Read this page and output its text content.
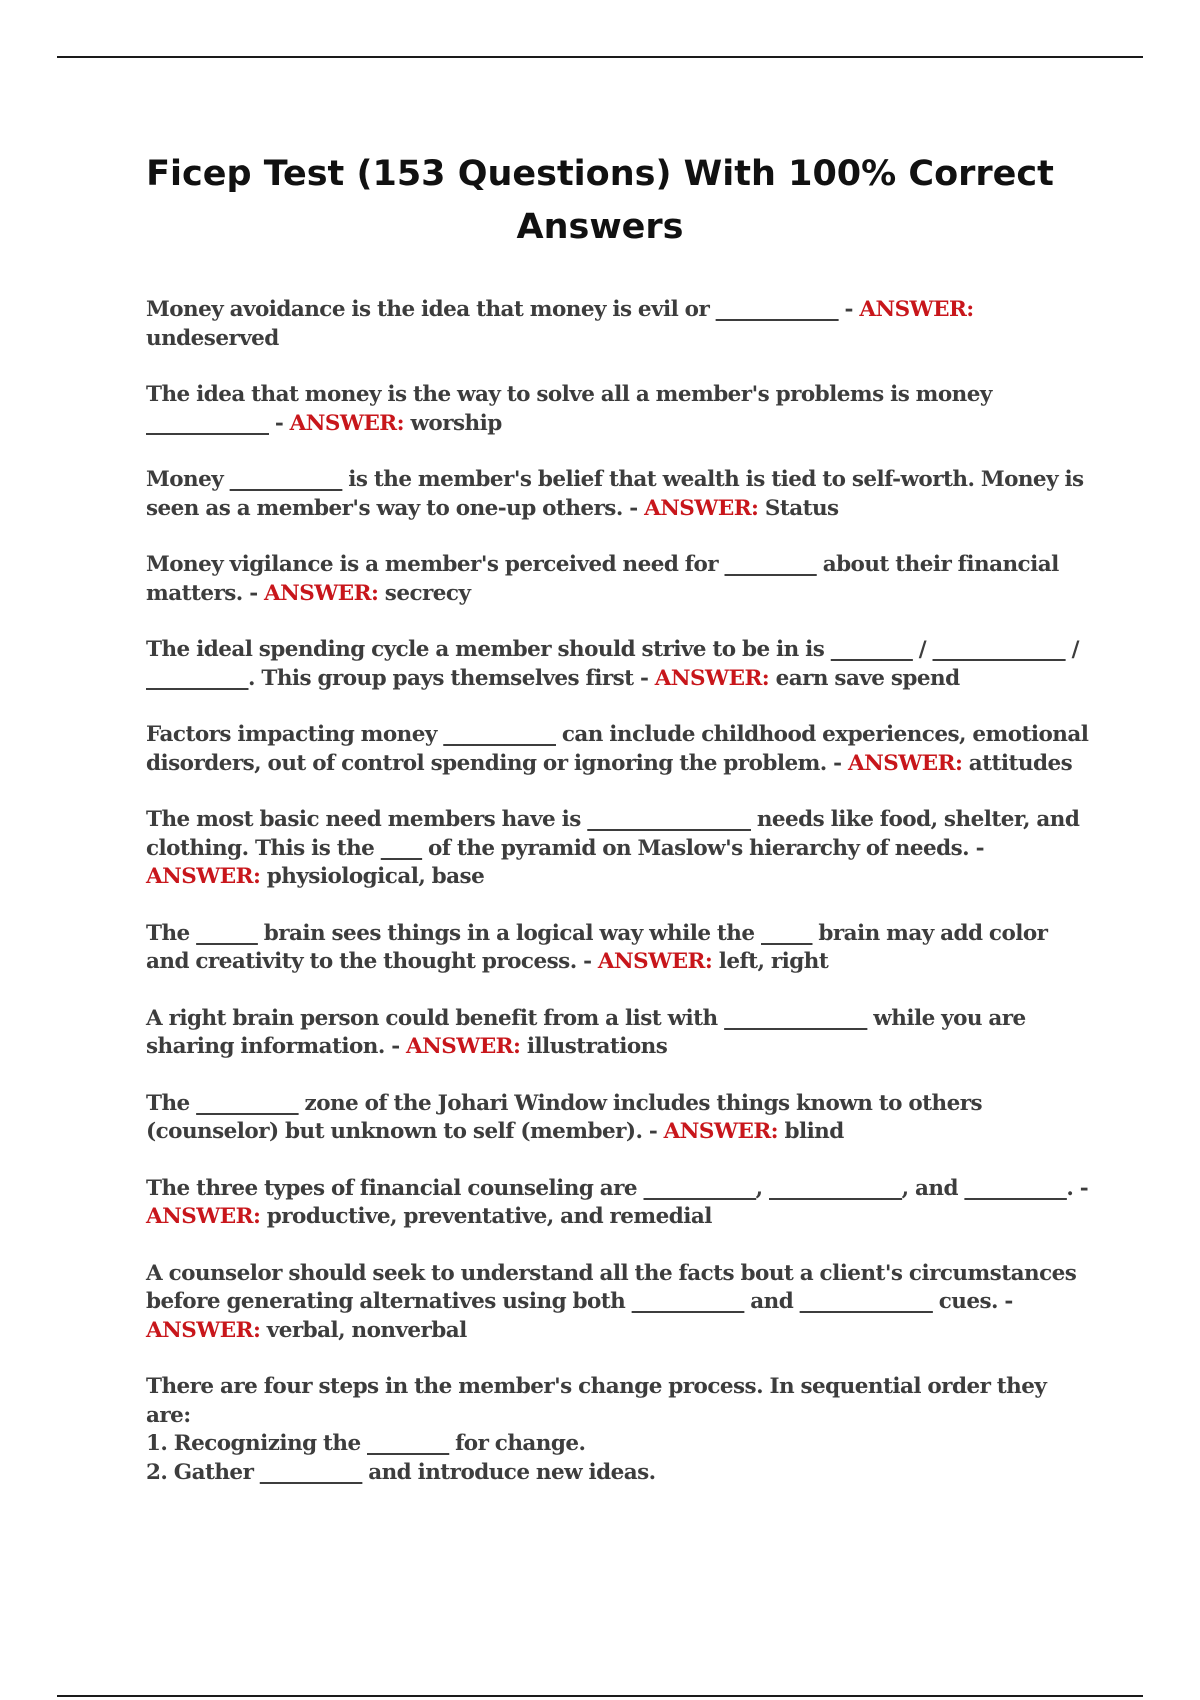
Ficep Test (153 Questions) With 100% Correct Answers

Money avoidance is the idea that money is evil or ____________ - ANSWER: undeserved

The idea that money is the way to solve all a member's problems is money ____________ - ANSWER: worship

Money ___________ is the member's belief that wealth is tied to self-worth. Money is seen as a member's way to one-up others. - ANSWER: Status

Money vigilance is a member's perceived need for _________ about their financial matters. - ANSWER: secrecy

The ideal spending cycle a member should strive to be in is ________ / _____________ / __________. This group pays themselves first - ANSWER: earn save spend

Factors impacting money ___________ can include childhood experiences, emotional disorders, out of control spending or ignoring the problem. - ANSWER: attitudes

The most basic need members have is ________________ needs like food, shelter, and clothing. This is the ____ of the pyramid on Maslow's hierarchy of needs. - ANSWER: physiological, base

The ______ brain sees things in a logical way while the _____ brain may add color and creativity to the thought process. - ANSWER: left, right

A right brain person could benefit from a list with ______________ while you are sharing information. - ANSWER: illustrations

The __________ zone of the Johari Window includes things known to others (counselor) but unknown to self (member). - ANSWER: blind

The three types of financial counseling are ___________, _____________, and __________. - ANSWER: productive, preventative, and remedial

A counselor should seek to understand all the facts bout a client's circumstances before generating alternatives using both ___________ and _____________ cues. - ANSWER: verbal, nonverbal

There are four steps in the member's change process. In sequential order they are:
1. Recognizing the ________ for change.
2. Gather __________ and introduce new ideas.
